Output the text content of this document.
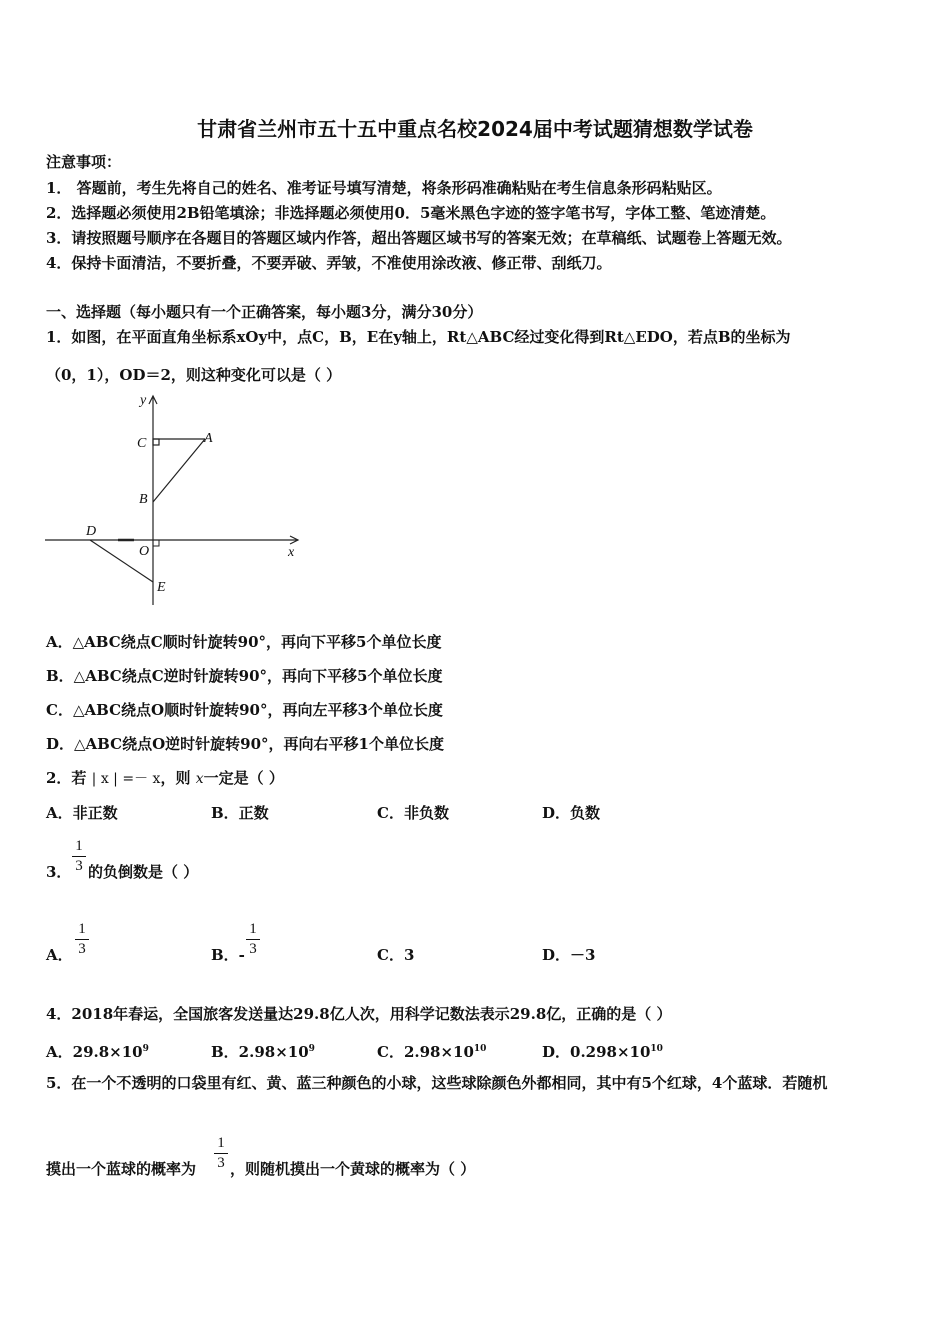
甘肃省兰州市五十五中重点名校2024届中考试题猜想数学试卷
注意事项：
1． 答题前，考生先将自己的姓名、准考证号填写清楚，将条形码准确粘贴在考生信息条形码粘贴区。
2．选择题必须使用2B铅笔填涂；非选择题必须使用0．5毫米黑色字迹的签字笔书写，字体工整、笔迹清楚。
3．请按照题号顺序在各题目的答题区域内作答，超出答题区域书写的答案无效；在草稿纸、试题卷上答题无效。
4．保持卡面清洁，不要折叠，不要弄破、弄皱，不准使用涂改液、修正带、刮纸刀。
一、选择题（每小题只有一个正确答案，每小题3分，满分30分）
1．如图，在平面直角坐标系xOy中，点C，B，E在y轴上，Rt△ABC经过变化得到Rt△EDO，若点B的坐标为
（0，1），OD＝2，则这种变化可以是（ ）
y
x
C	A
B
D
O
E
A．△ABC绕点C顺时针旋转90°，再向下平移5个单位长度
B．△ABC绕点C逆时针旋转90°，再向下平移5个单位长度
C．△ABC绕点O顺时针旋转90°，再向左平移3个单位长度
D．△ABC绕点O逆时针旋转90°，再向右平移1个单位长度
2．若 | x | =－ x，则 x一定是（ ）
A．非正数	B．正数	C．非负数	D．负数
3．
1
3 的负倒数是（ ）
A．
1
3	B．-
1
3	C．3	D．－3
4．2018年春运，全国旅客发送量达29.8亿人次，用科学记数法表示29.8亿，正确的是（ ）
A．$29.8\times 10^9$	B．$2.98\times 10^9$	C．$2.98\times 10^{10}$	D．$0.298\times 10^{10}$
5．在一个不透明的口袋里有红、黄、蓝三种颜色的小球，这些球除颜色外都相同，其中有5个红球，4个蓝球．若随机
摸出一个蓝球的概率为
1
3 ，则随机摸出一个黄球的概率为（ ）
